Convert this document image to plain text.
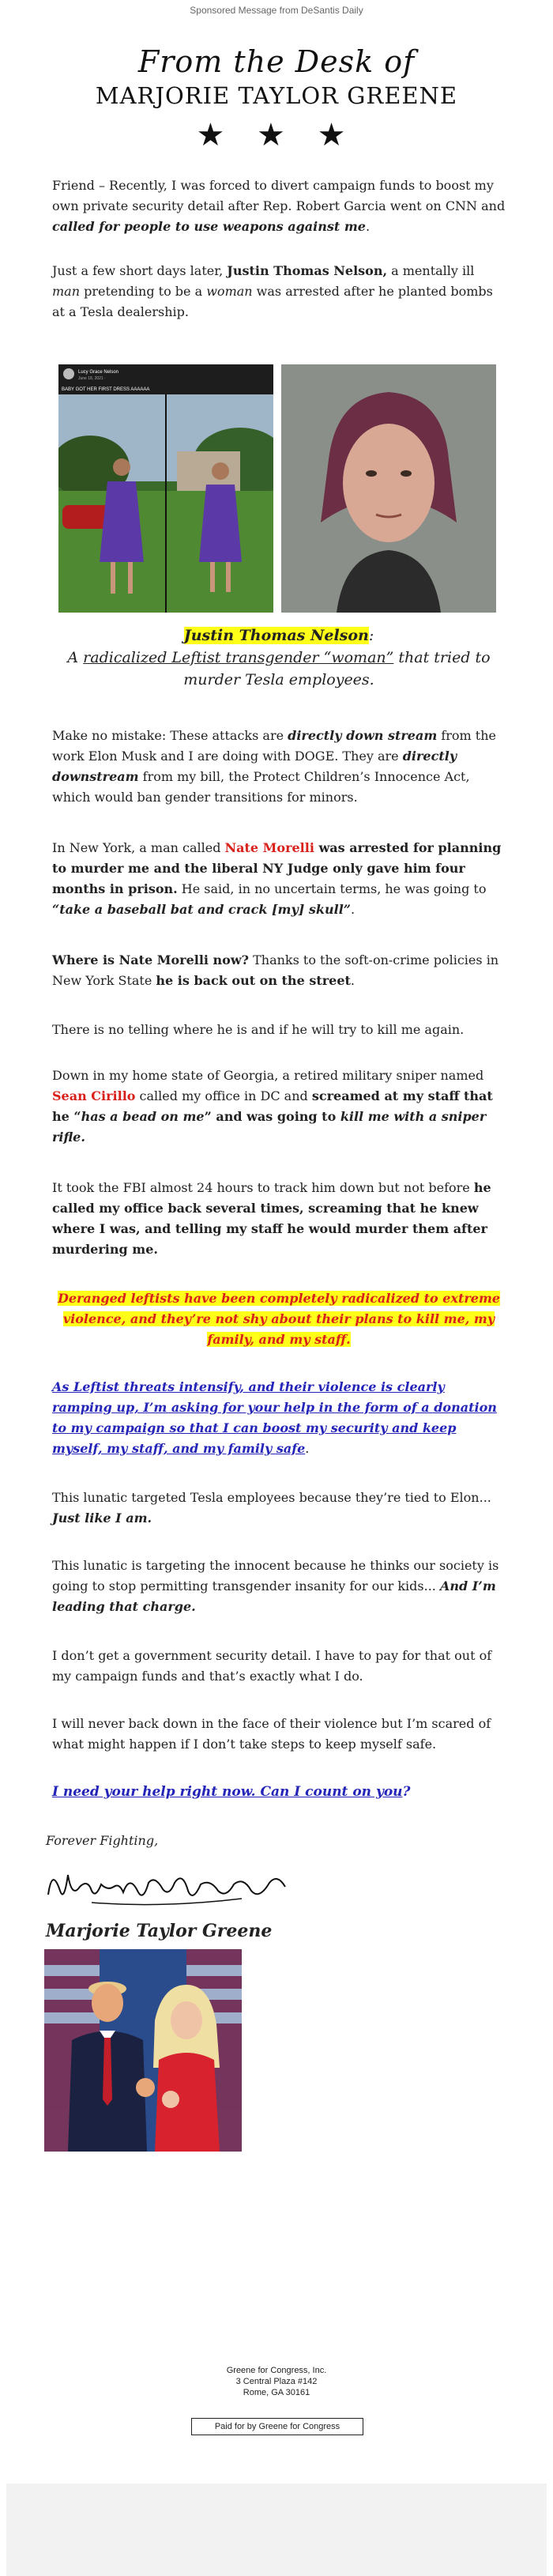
Sponsored Message from DeSantis Daily
From the Desk of
MARJORIE TAYLOR GREENE
★ ★ ★

Friend – Recently, I was forced to divert campaign funds to boost my own private security detail after Rep. Robert Garcia went on CNN and called for people to use weapons against me.

Just a few short days later, Justin Thomas Nelson, a mentally ill man pretending to be a woman was arrested after he planted bombs at a Tesla dealership.

Lucy Grace Nelson
June 18, 2021 ·
BABY GOT HER FIRST DRESS AAAAAA

Justin Thomas Nelson:

A radicalized Leftist transgender “woman” that tried to murder Tesla employees.

Make no mistake: These attacks are directly down stream from the work Elon Musk and I are doing with DOGE. They are directly downstream from my bill, the Protect Children’s Innocence Act, which would ban gender transitions for minors.

In New York, a man called Nate Morelli was arrested for planning to murder me and the liberal NY Judge only gave him four months in prison. He said, in no uncertain terms, he was going to “take a baseball bat and crack [my] skull”.

Where is Nate Morelli now? Thanks to the soft-on-crime policies in New York State he is back out on the street.

There is no telling where he is and if he will try to kill me again.

Down in my home state of Georgia, a retired military sniper named Sean Cirillo called my office in DC and screamed at my staff that he “has a bead on me” and was going to kill me with a sniper rifle.

It took the FBI almost 24 hours to track him down but not before he called my office back several times, screaming that he knew where I was, and telling my staff he would murder them after murdering me.

Deranged leftists have been completely radicalized to extreme violence, and they’re not shy about their plans to kill me, my family, and my staff.

As Leftist threats intensify, and their violence is clearly ramping up, I’m asking for your help in the form of a donation to my campaign so that I can boost my security and keep myself, my staff, and my family safe.

This lunatic targeted Tesla employees because they’re tied to Elon... Just like I am.

This lunatic is targeting the innocent because he thinks our society is going to stop permitting transgender insanity for our kids... And I’m leading that charge.

I don’t get a government security detail. I have to pay for that out of my campaign funds and that’s exactly what I do.

I will never back down in the face of their violence but I’m scared of what might happen if I don’t take steps to keep myself safe.

I need your help right now. Can I count on you?

Forever Fighting,

Marjorie Taylor Greene

Greene for Congress, Inc.
3 Central Plaza #142
Rome, GA 30161
Paid for by Greene for Congress
